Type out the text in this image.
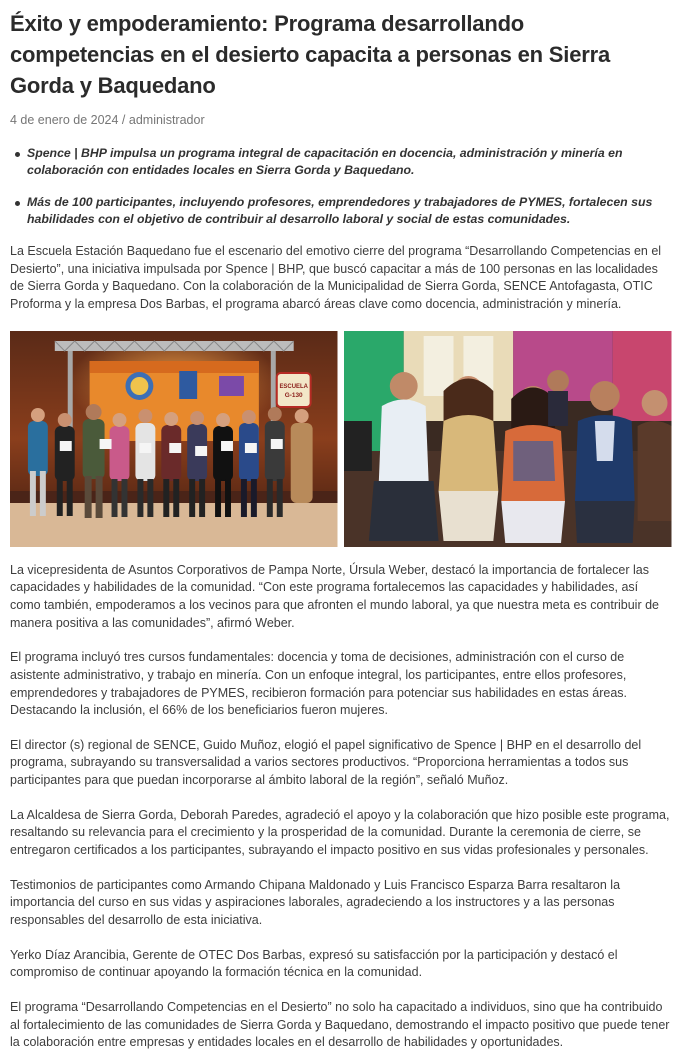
Éxito y empoderamiento: Programa desarrollando competencias en el desierto capacita a personas en Sierra Gorda y Baquedano
4 de enero de 2024 / administrador
Spence | BHP impulsa un programa integral de capacitación en docencia, administración y minería en colaboración con entidades locales en Sierra Gorda y Baquedano.
Más de 100 participantes, incluyendo profesores, emprendedores y trabajadores de PYMES, fortalecen sus habilidades con el objetivo de contribuir al desarrollo laboral y social de estas comunidades.

La Escuela Estación Baquedano fue el escenario del emotivo cierre del programa “Desarrollando Competencias en el Desierto”, una iniciativa impulsada por Spence | BHP, que buscó capacitar a más de 100 personas en las localidades de Sierra Gorda y Baquedano. Con la colaboración de la Municipalidad de Sierra Gorda, SENCE Antofagasta, OTIC Proforma y la empresa Dos Barbas, el programa abarcó áreas clave como docencia, administración y minería.

ESCUELA
G-130

La vicepresidenta de Asuntos Corporativos de Pampa Norte, Úrsula Weber, destacó la importancia de fortalecer las capacidades y habilidades de la comunidad. “Con este programa fortalecemos las capacidades y habilidades, así como también, empoderamos a los vecinos para que afronten el mundo laboral, ya que nuestra meta es contribuir de manera positiva a las comunidades”, afirmó Weber.

El programa incluyó tres cursos fundamentales: docencia y toma de decisiones, administración con el curso de asistente administrativo, y trabajo en minería. Con un enfoque integral, los participantes, entre ellos profesores, emprendedores y trabajadores de PYMES, recibieron formación para potenciar sus habilidades en estas áreas. Destacando la inclusión, el 66% de los beneficiarios fueron mujeres.

El director (s) regional de SENCE, Guido Muñoz, elogió el papel significativo de Spence | BHP en el desarrollo del programa, subrayando su transversalidad a varios sectores productivos. “Proporciona herramientas a todos sus participantes para que puedan incorporarse al ámbito laboral de la región”, señaló Muñoz.

La Alcaldesa de Sierra Gorda, Deborah Paredes, agradeció el apoyo y la colaboración que hizo posible este programa, resaltando su relevancia para el crecimiento y la prosperidad de la comunidad. Durante la ceremonia de cierre, se entregaron certificados a los participantes, subrayando el impacto positivo en sus vidas profesionales y personales.

Testimonios de participantes como Armando Chipana Maldonado y Luis Francisco Esparza Barra resaltaron la importancia del curso en sus vidas y aspiraciones laborales, agradeciendo a los instructores y a las personas responsables del desarrollo de esta iniciativa.

Yerko Díaz Arancibia, Gerente de OTEC Dos Barbas, expresó su satisfacción por la participación y destacó el compromiso de continuar apoyando la formación técnica en la comunidad.

El programa “Desarrollando Competencias en el Desierto” no solo ha capacitado a individuos, sino que ha contribuido al fortalecimiento de las comunidades de Sierra Gorda y Baquedano, demostrando el impacto positivo que puede tener la colaboración entre empresas y entidades locales en el desarrollo de habilidades y oportunidades.
